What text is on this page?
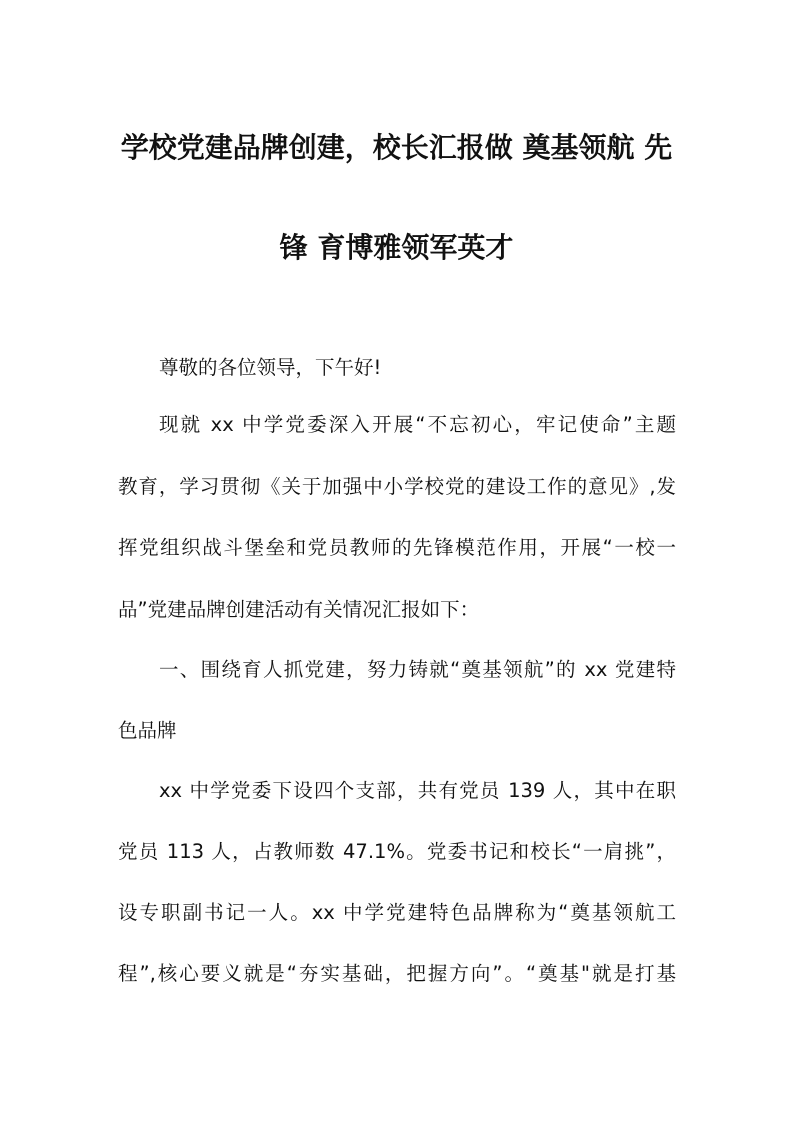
学校党建品牌创建，校长汇报做 奠基领航 先
锋 育博雅领军英才
尊敬的各位领导，下午好!
现就 xx 中学党委深入开展“不忘初心，牢记使命”主题
教育，学习贯彻《关于加强中小学校党的建设工作的意见》,发
挥党组织战斗堡垒和党员教师的先锋模范作用，开展“一校一
品”党建品牌创建活动有关情况汇报如下：
一、围绕育人抓党建，努力铸就“奠基领航”的 xx 党建特
色品牌
xx 中学党委下设四个支部，共有党员 139 人，其中在职
党员 113 人，占教师数 47.1%。党委书记和校长“一肩挑”，
设专职副书记一人。xx 中学党建特色品牌称为“奠基领航工
程”,核心要义就是“夯实基础，把握方向”。“奠基"就是打基
